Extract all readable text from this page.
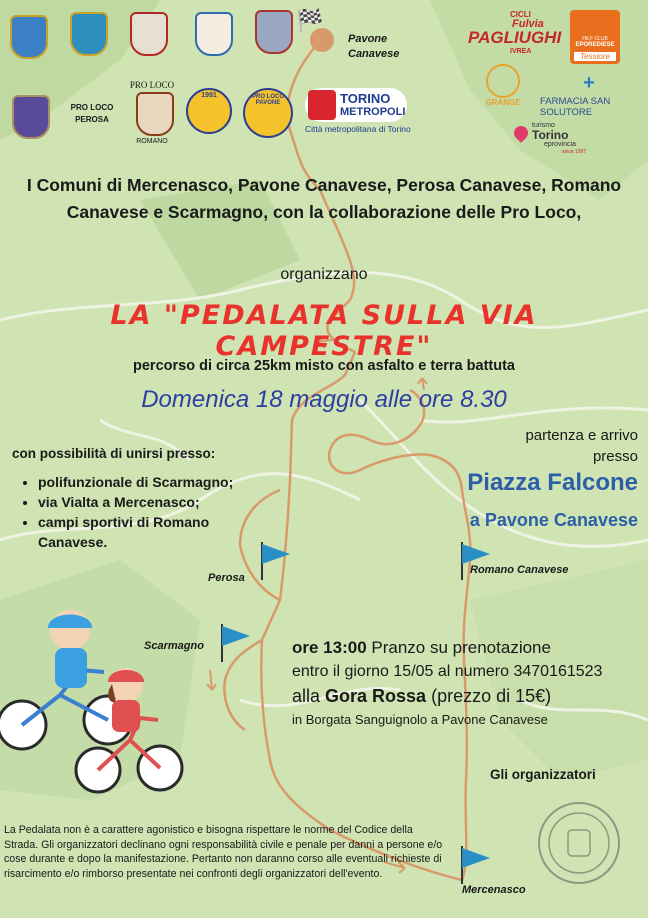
PRO LOCO
PEROSA
PRO LOCO
ROMANO
1991	PRO LOCO PAVONE	TORINO
METROPOLI
Città metropolitana di Torino
🏁
Pavone
Canavese
CICLI
Fulvia
PAGLIUGHI
IVREA
HILF CLUB
EPOREDIESE
Tessiore
GRANGE
+
FARMACIA SAN SOLUTORE
turismo
Torino
eprovincia
since 1997
I Comuni di Mercenasco, Pavone Canavese, Perosa Canavese, Romano Canavese e Scarmagno, con la collaborazione delle Pro Loco,
organizzano
LA "PEDALATA SULLA VIA CAMPESTRE"
percorso di circa 25km misto con asfalto e terra battuta
Domenica 18 maggio alle ore 8.30
partenza e arrivo
presso
Piazza Falcone
a Pavone Canavese
con possibilità di unirsi presso:
• polifunzionale di Scarmagno;
• via Vialta a Mercenasco;
• campi sportivi di Romano Canavese.
Perosa
Scarmagno
Romano Canavese
Mercenasco
ore 13:00 Pranzo su prenotazione
entro il giorno 15/05 al numero 3470161523
alla Gora Rossa (prezzo di 15€)
in Borgata Sanguignolo a Pavone Canavese
Gli organizzatori
La Pedalata non è a carattere agonistico e bisogna rispettare le norme del Codice della Strada. Gli organizzatori declinano ogni responsabilità civile e penale per danni a persone e/o cose durante e dopo la manifestazione. Pertanto non daranno corso alle eventuali richieste di risarcimento e/o rimborso presentate nei confronti degli organizzatori dell'evento.
